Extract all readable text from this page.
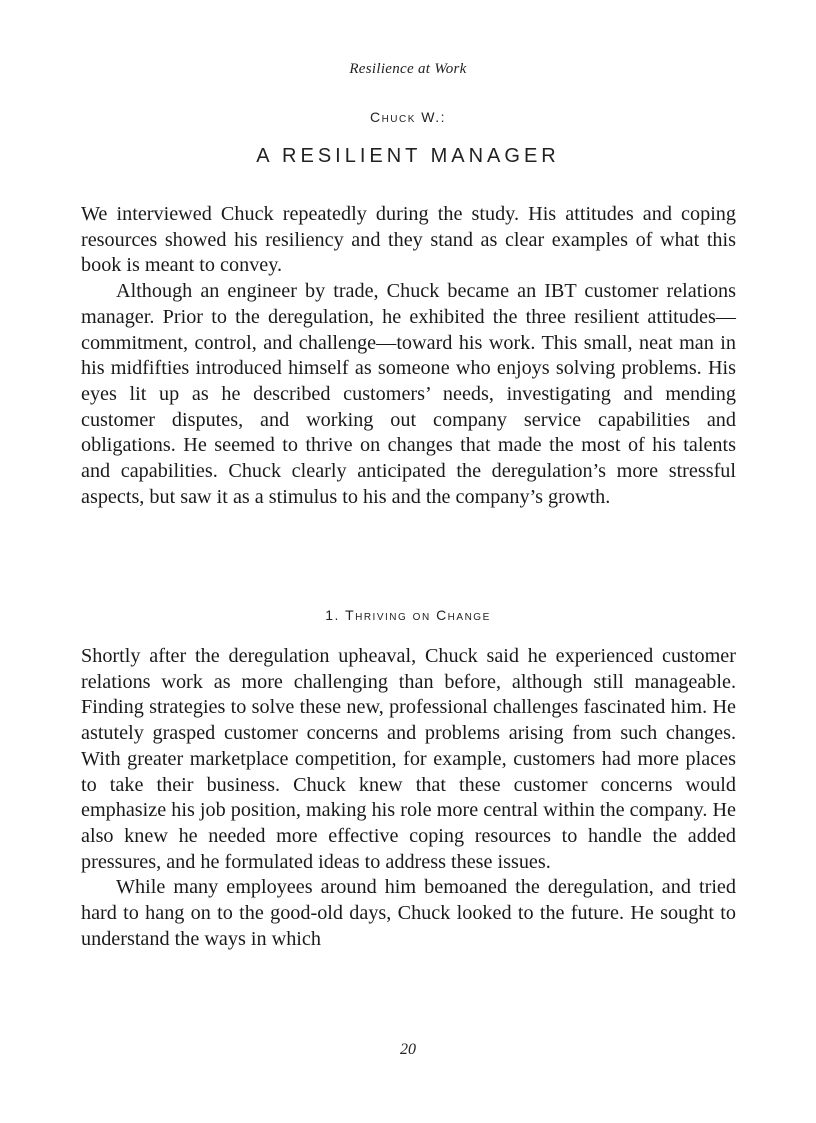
Resilience at Work
Chuck W.:
A RESILIENT MANAGER

We interviewed Chuck repeatedly during the study. His attitudes and coping resources showed his resiliency and they stand as clear examples of what this book is meant to convey.

Although an engineer by trade, Chuck became an IBT customer relations manager. Prior to the deregulation, he exhibited the three resilient attitudes—commitment, control, and challenge—toward his work. This small, neat man in his midfifties introduced himself as someone who enjoys solving problems. His eyes lit up as he described customers’ needs, investigating and mending customer disputes, and working out company service capabilities and obligations. He seemed to thrive on changes that made the most of his talents and capabilities. Chuck clearly anticipated the deregulation’s more stressful aspects, but saw it as a stimulus to his and the company’s growth.

1. Thriving on Change

Shortly after the deregulation upheaval, Chuck said he experienced customer relations work as more challenging than before, although still manageable. Finding strategies to solve these new, professional challenges fascinated him. He astutely grasped customer concerns and problems arising from such changes. With greater marketplace competition, for example, customers had more places to take their business. Chuck knew that these customer concerns would emphasize his job position, making his role more central within the company. He also knew he needed more effective coping resources to handle the added pressures, and he formulated ideas to address these issues.

While many employees around him bemoaned the deregulation, and tried hard to hang on to the good-old days, Chuck looked to the future. He sought to understand the ways in which

20
